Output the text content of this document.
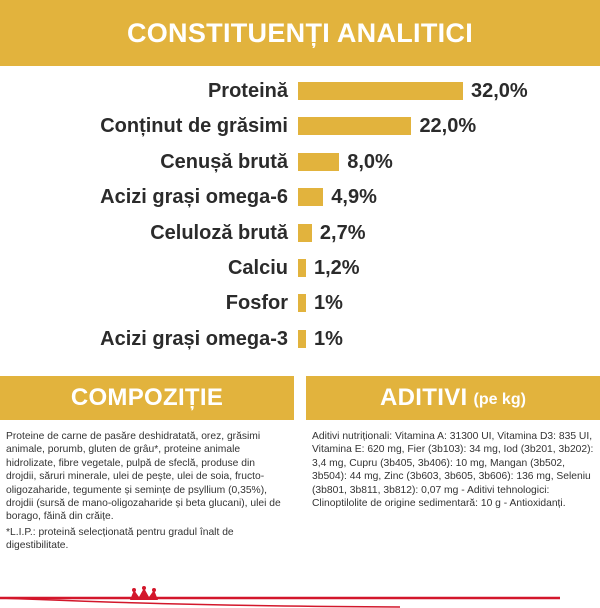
CONSTITUENȚI ANALITICI
Proteină	32,0%
Conținut de grăsimi	22,0%
Cenușă brută	8,0%
Acizi grași omega-6 4,9%
Celuloză brută 2,7%
Calciu 1,2%
Fosfor 1%
Acizi grași omega-3 1%
COMPOZIȚIE	ADITIVI (pe kg)
Proteine de carne de pasăre deshidratată, orez, grăsimi animale, porumb, gluten de grâu*, proteine animale hidrolizate, fibre vegetale, pulpă de sfeclă, produse din drojdii, săruri minerale, ulei de pește, ulei de soia, fructo-oligozaharide, tegumente și semințe de psyllium (0,35%), drojdii (sursă de mano-oligozaharide și beta glucani), ulei de borago, făină din crăițe.
*L.I.P.: proteină selecționată pentru gradul înalt de digestibilitate.
Aditivi nutriționali: Vitamina A: 31300 UI, Vitamina D3: 835 UI, Vitamina E: 620 mg, Fier (3b103): 34 mg, Iod (3b201, 3b202): 3,4 mg, Cupru (3b405, 3b406): 10 mg, Mangan (3b502, 3b504): 44 mg, Zinc (3b603, 3b605, 3b606): 136 mg, Seleniu (3b801, 3b811, 3b812): 0,07 mg - Aditivi tehnologici: Clinoptilolite de origine sedimentară: 10 g - Antioxidanți.
